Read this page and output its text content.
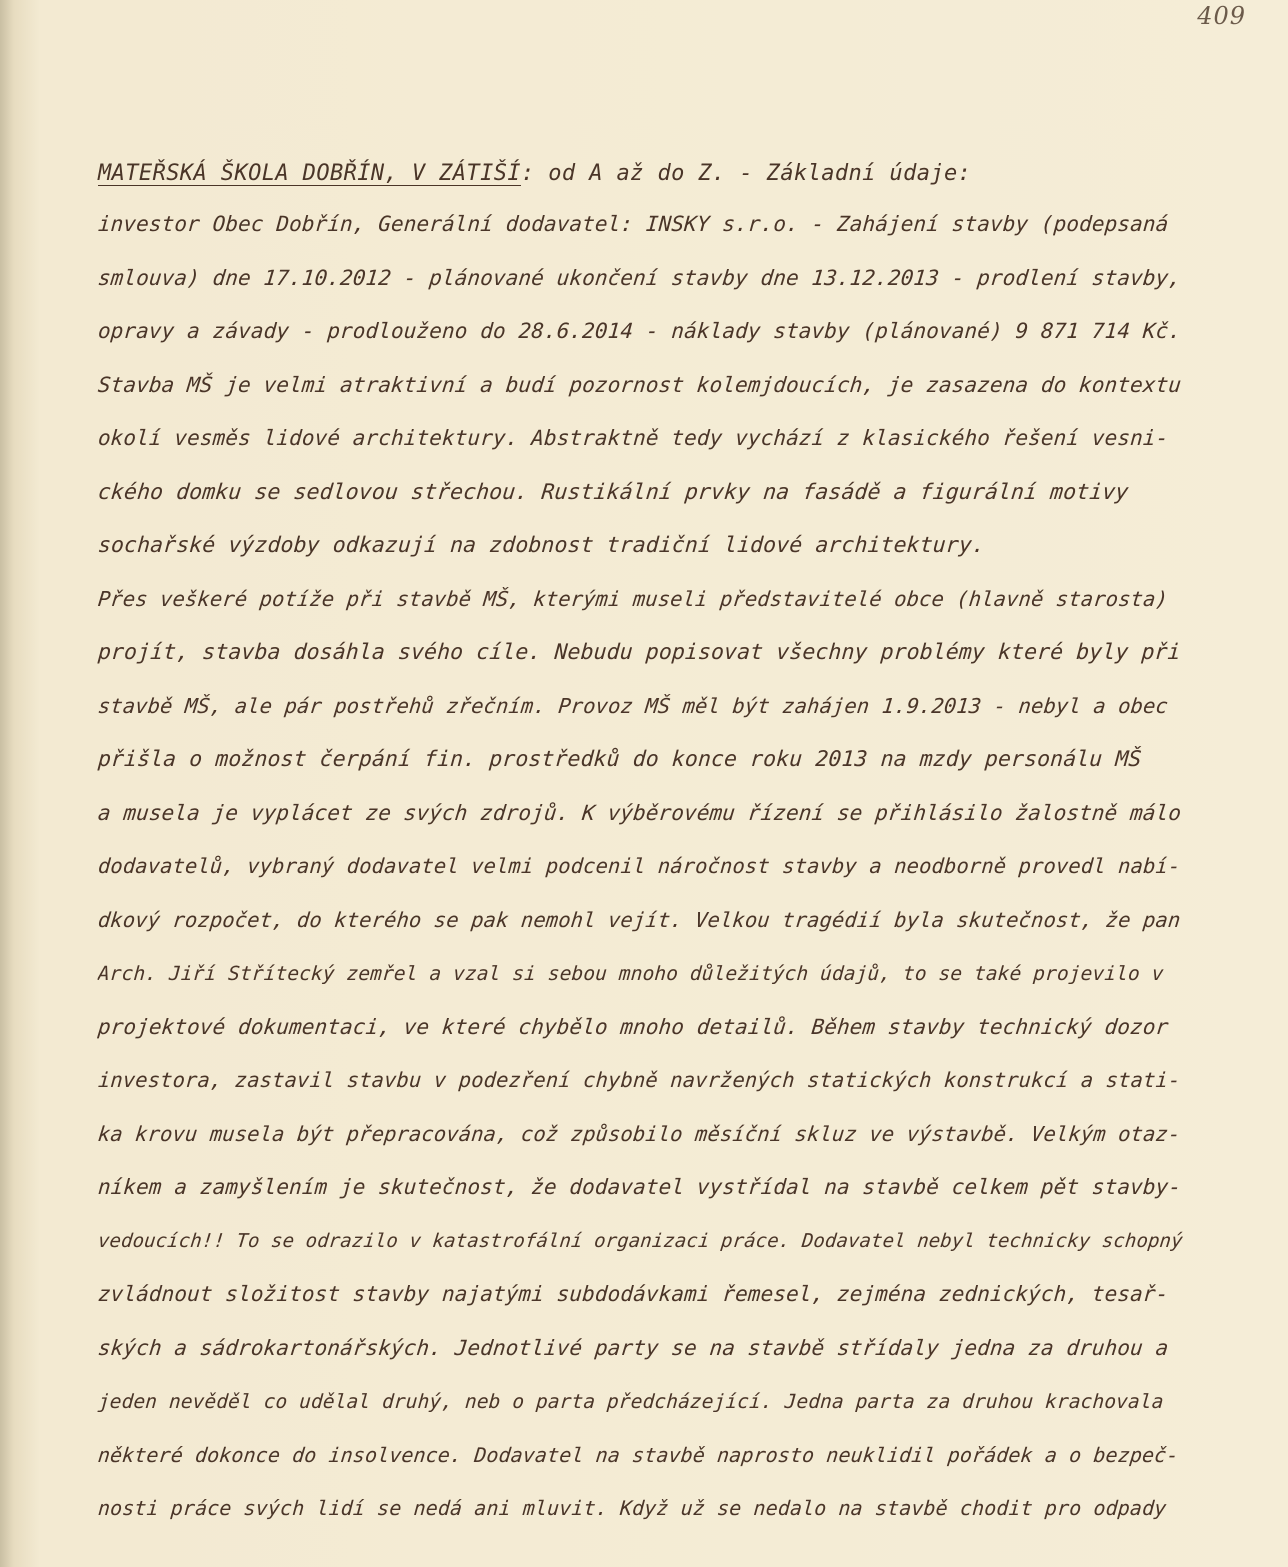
409
MATEŘSKÁ ŠKOLA DOBŘÍN, V ZÁTIŠÍ: od A až do Z. - Základní údaje:
investor Obec Dobřín, Generální dodavatel: INSKY s.r.o. - Zahájení stavby (podepsaná
smlouva) dne 17.10.2012 - plánované ukončení stavby dne 13.12.2013 - prodlení stavby,
opravy a závady - prodlouženo do 28.6.2014 - náklady stavby (plánované) 9 871 714 Kč.
Stavba MŠ je velmi atraktivní a budí pozornost kolemjdoucích, je zasazena do kontextu
okolí vesměs lidové architektury. Abstraktně tedy vychází z klasického řešení vesni-
ckého domku se sedlovou střechou. Rustikální prvky na fasádě a figurální motivy
sochařské výzdoby odkazují na zdobnost tradiční lidové architektury.
Přes veškeré potíže při stavbě MŠ, kterými museli představitelé obce (hlavně starosta)
projít, stavba dosáhla svého cíle. Nebudu popisovat všechny problémy které byly při
stavbě MŠ, ale pár postřehů zřečním. Provoz MŠ měl být zahájen 1.9.2013 - nebyl a obec
přišla o možnost čerpání fin. prostředků do konce roku 2013 na mzdy personálu MŠ
a musela je vyplácet ze svých zdrojů. K výběrovému řízení se přihlásilo žalostně málo
dodavatelů, vybraný dodavatel velmi podcenil náročnost stavby a neodborně provedl nabí-
dkový rozpočet, do kterého se pak nemohl vejít. Velkou tragédií byla skutečnost, že pan
Arch. Jiří Střítecký zemřel a vzal si sebou mnoho důležitých údajů, to se také projevilo v
projektové dokumentaci, ve které chybělo mnoho detailů. Během stavby technický dozor
investora, zastavil stavbu v podezření chybně navržených statických konstrukcí a stati-
ka krovu musela být přepracována, což způsobilo měsíční skluz ve výstavbě. Velkým otaz-
níkem a zamyšlením je skutečnost, že dodavatel vystřídal na stavbě celkem pět stavby-
vedoucích!! To se odrazilo v katastrofální organizaci práce. Dodavatel nebyl technicky schopný
zvládnout složitost stavby najatými subdodávkami řemesel, zejména zednických, tesař-
ských a sádrokartonářských. Jednotlivé party se na stavbě střídaly jedna za druhou a
jeden nevěděl co udělal druhý, neb o parta předcházející. Jedna parta za druhou krachovala
některé dokonce do insolvence. Dodavatel na stavbě naprosto neuklidil pořádek a o bezpeč-
nosti práce svých lidí se nedá ani mluvit. Když už se nedalo na stavbě chodit pro odpady
